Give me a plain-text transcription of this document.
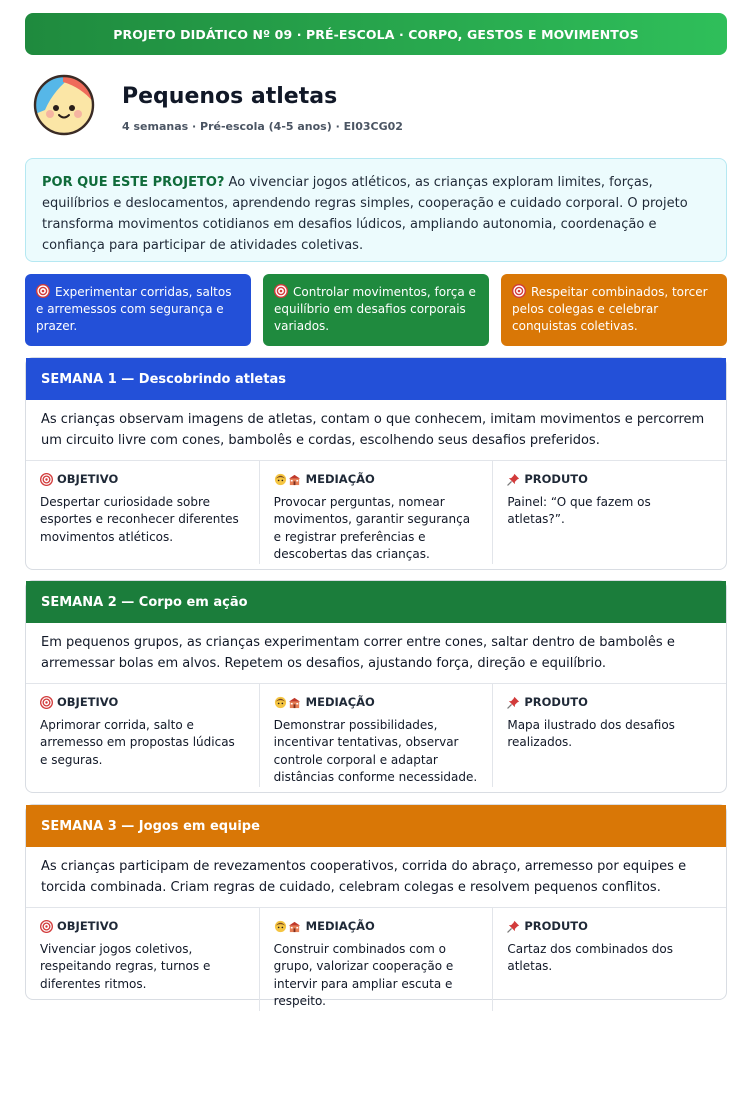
PROJETO DIDÁTICO Nº 09 · PRÉ-ESCOLA · CORPO, GESTOS E MOVIMENTOS
Pequenos atletas
4 semanas · Pré-escola (4-5 anos) · EI03CG02
POR QUE ESTE PROJETO? Ao vivenciar jogos atléticos, as crianças exploram limites, forças, equilíbrios e deslocamentos, aprendendo regras simples, cooperação e cuidado corporal. O projeto transforma movimentos cotidianos em desafios lúdicos, ampliando autonomia, coordenação e confiança para participar de atividades coletivas.
Experimentar corridas, saltos e arremessos com segurança e prazer.
Controlar movimentos, força e equilíbrio em desafios corporais variados.
Respeitar combinados, torcer pelos colegas e celebrar conquistas coletivas.
SEMANA 1 — Descobrindo atletas
As crianças observam imagens de atletas, contam o que conhecem, imitam movimentos e percorrem um circuito livre com cones, bambolês e cordas, escolhendo seus desafios preferidos.
OBJETIVO
Despertar curiosidade sobre esportes e reconhecer diferentes movimentos atléticos.
MEDIAÇÃO
Provocar perguntas, nomear movimentos, garantir segurança e registrar preferências e descobertas das crianças.
PRODUTO
Painel: “O que fazem os atletas?”.
SEMANA 2 — Corpo em ação
Em pequenos grupos, as crianças experimentam correr entre cones, saltar dentro de bambolês e arremessar bolas em alvos. Repetem os desafios, ajustando força, direção e equilíbrio.
OBJETIVO
Aprimorar corrida, salto e arremesso em propostas lúdicas e seguras.
MEDIAÇÃO
Demonstrar possibilidades, incentivar tentativas, observar controle corporal e adaptar distâncias conforme necessidade.
PRODUTO
Mapa ilustrado dos desafios realizados.
SEMANA 3 — Jogos em equipe
As crianças participam de revezamentos cooperativos, corrida do abraço, arremesso por equipes e torcida combinada. Criam regras de cuidado, celebram colegas e resolvem pequenos conflitos.
OBJETIVO
Vivenciar jogos coletivos, respeitando regras, turnos e diferentes ritmos.
MEDIAÇÃO
Construir combinados com o grupo, valorizar cooperação e intervir para ampliar escuta e respeito.
PRODUTO
Cartaz dos combinados dos atletas.
